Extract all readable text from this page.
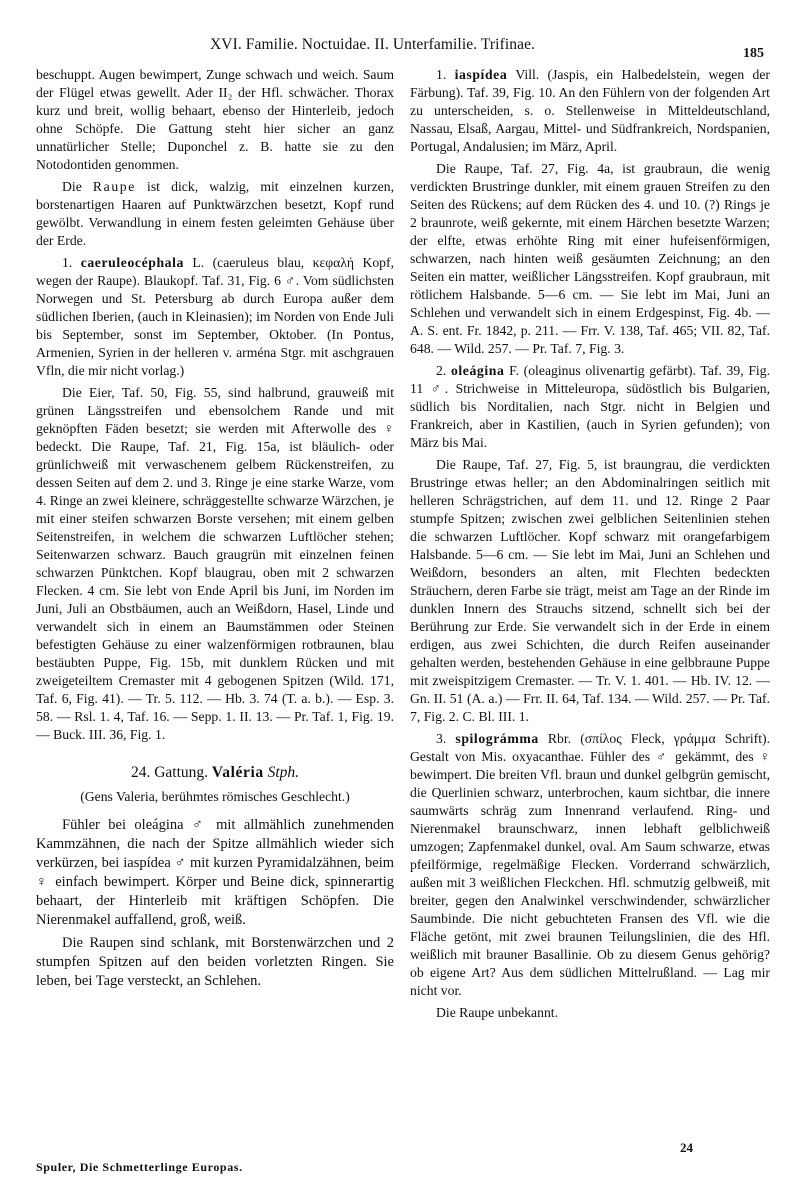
XVI. Familie. Noctuidae. II. Unterfamilie. Trifinae.
185

beschuppt. Augen bewimpert, Zunge schwach und weich. Saum der Flügel etwas gewellt. Ader II₂ der Hfl. schwächer. Thorax kurz und breit, wollig behaart, ebenso der Hinterleib, jedoch ohne Schöpfe. Die Gattung steht hier sicher an ganz unnatürlicher Stelle; Duponchel z. B. hatte sie zu den Notodontiden genommen.

Die Raupe ist dick, walzig, mit einzelnen kurzen, borstenartigen Haaren auf Punktwärzchen besetzt, Kopf rund gewölbt. Verwandlung in einem festen geleimten Gehäuse über der Erde.

1. caeruleocéphala L. (caeruleus blau, κεφαλή Kopf, wegen der Raupe). Blaukopf. Taf. 31, Fig. 6 ♂. Vom südlichsten Norwegen und St. Petersburg ab durch Europa außer dem südlichen Iberien, (auch in Kleinasien); im Norden von Ende Juli bis September, sonst im September, Oktober. (In Pontus, Armenien, Syrien in der helleren v. arména Stgr. mit aschgrauen Vfln, die mir nicht vorlag.)

Die Eier, Taf. 50, Fig. 55, sind halbrund, grauweiß mit grünen Längsstreifen und ebensolchem Rande und mit geknöpften Fäden besetzt; sie werden mit Afterwolle des ♀ bedeckt. Die Raupe, Taf. 21, Fig. 15a, ist bläulich- oder grünlichweiß mit verwaschenem gelbem Rückenstreifen, zu dessen Seiten auf dem 2. und 3. Ringe je eine starke Warze, vom 4. Ringe an zwei kleinere, schräggestellte schwarze Wärzchen, je mit einer steifen schwarzen Borste versehen; mit einem gelben Seitenstreifen, in welchem die schwarzen Luftlöcher stehen; Seitenwarzen schwarz. Bauch graugrün mit einzelnen feinen schwarzen Pünktchen. Kopf blaugrau, oben mit 2 schwarzen Flecken. 4 cm. Sie lebt von Ende April bis Juni, im Norden im Juni, Juli an Obstbäumen, auch an Weißdorn, Hasel, Linde und verwandelt sich in einem an Baumstämmen oder Steinen befestigten Gehäuse zu einer walzenförmigen rotbraunen, blau bestäubten Puppe, Fig. 15b, mit dunklem Rücken und mit zweigeteiltem Cremaster mit 4 gebogenen Spitzen (Wild. 171, Taf. 6, Fig. 41). — Tr. 5. 112. — Hb. 3. 74 (T. a. b.). — Esp. 3. 58. — Rsl. 1. 4, Taf. 16. — Sepp. 1. II. 13. — Pr. Taf. 1, Fig. 19. — Buck. III. 36, Fig. 1.

24. Gattung. Valéria Stph.
(Gens Valeria, berühmtes römisches Geschlecht.)

Fühler bei oleágina ♂ mit allmählich zunehmenden Kammzähnen, die nach der Spitze allmählich wieder sich verkürzen, bei iaspídea ♂ mit kurzen Pyramidalzähnen, beim ♀ einfach bewimpert. Körper und Beine dick, spinnerartig behaart, der Hinterleib mit kräftigen Schöpfen. Die Nierenmakel auffallend, groß, weiß.

Die Raupen sind schlank, mit Borstenwärzchen und 2 stumpfen Spitzen auf den beiden vorletzten Ringen. Sie leben, bei Tage versteckt, an Schlehen.

1. iaspídea Vill. (Jaspis, ein Halbedelstein, wegen der Färbung). Taf. 39, Fig. 10. An den Fühlern von der folgenden Art zu unterscheiden, s. o. Stellenweise in Mitteldeutschland, Nassau, Elsaß, Aargau, Mittel- und Südfrankreich, Nordspanien, Portugal, Andalusien; im März, April.

Die Raupe, Taf. 27, Fig. 4a, ist graubraun, die wenig verdickten Brustringe dunkler, mit einem grauen Streifen zu den Seiten des Rückens; auf dem Rücken des 4. und 10. (?) Rings je 2 braunrote, weiß gekernte, mit einem Härchen besetzte Warzen; der elfte, etwas erhöhte Ring mit einer hufeisenförmigen, schwarzen, nach hinten weiß gesäumten Zeichnung; an den Seiten ein matter, weißlicher Längsstreifen. Kopf graubraun, mit rötlichem Halsbande. 5—6 cm. — Sie lebt im Mai, Juni an Schlehen und verwandelt sich in einem Erdgespinst, Fig. 4b. — A. S. ent. Fr. 1842, p. 211. — Frr. V. 138, Taf. 465; VII. 82, Taf. 648. — Wild. 257. — Pr. Taf. 7, Fig. 3.

2. oleágina F. (oleaginus olivenartig gefärbt). Taf. 39, Fig. 11 ♂. Strichweise in Mitteleuropa, südöstlich bis Bulgarien, südlich bis Norditalien, nach Stgr. nicht in Belgien und Frankreich, aber in Kastilien, (auch in Syrien gefunden); von März bis Mai.

Die Raupe, Taf. 27, Fig. 5, ist braungrau, die verdickten Brustringe etwas heller; an den Abdominalringen seitlich mit helleren Schrägstrichen, auf dem 11. und 12. Ringe 2 Paar stumpfe Spitzen; zwischen zwei gelblichen Seitenlinien stehen die schwarzen Luftlöcher. Kopf schwarz mit orangefarbigem Halsbande. 5—6 cm. — Sie lebt im Mai, Juni an Schlehen und Weißdorn, besonders an alten, mit Flechten bedeckten Sträuchern, deren Farbe sie trägt, meist am Tage an der Rinde im dunklen Innern des Strauchs sitzend, schnellt sich bei der Berührung zur Erde. Sie verwandelt sich in der Erde in einem erdigen, aus zwei Schichten, die durch Reifen auseinander gehalten werden, bestehenden Gehäuse in eine gelbbraune Puppe mit zweispitzigem Cremaster. — Tr. V. 1. 401. — Hb. IV. 12. — Gn. II. 51 (A. a.) — Frr. II. 64, Taf. 134. — Wild. 257. — Pr. Taf. 7, Fig. 2. C. Bl. III. 1.

3. spilográmma Rbr. (σπίλος Fleck, γράμμα Schrift). Gestalt von Mis. oxyacanthae. Fühler des ♂ gekämmt, des ♀ bewimpert. Die breiten Vfl. braun und dunkel gelbgrün gemischt, die Querlinien schwarz, unterbrochen, kaum sichtbar, die innere saumwärts schräg zum Innenrand verlaufend. Ring- und Nierenmakel braunschwarz, innen lebhaft gelblichweiß umzogen; Zapfenmakel dunkel, oval. Am Saum schwarze, etwas pfeilförmige, regelmäßige Flecken. Vorderrand schwärzlich, außen mit 3 weißlichen Fleckchen. Hfl. schmutzig gelbweiß, mit breiter, gegen den Analwinkel verschwindender, schwärzlicher Saumbinde. Die nicht gebuchteten Fransen des Vfl. wie die Fläche getönt, mit zwei braunen Teilungslinien, die des Hfl. weißlich mit brauner Basallinie. Ob zu diesem Genus gehörig? ob eigene Art? Aus dem südlichen Mittelrußland. — Lag mir nicht vor.

Die Raupe unbekannt.

Spuler, Die Schmetterlinge Europas.
24
